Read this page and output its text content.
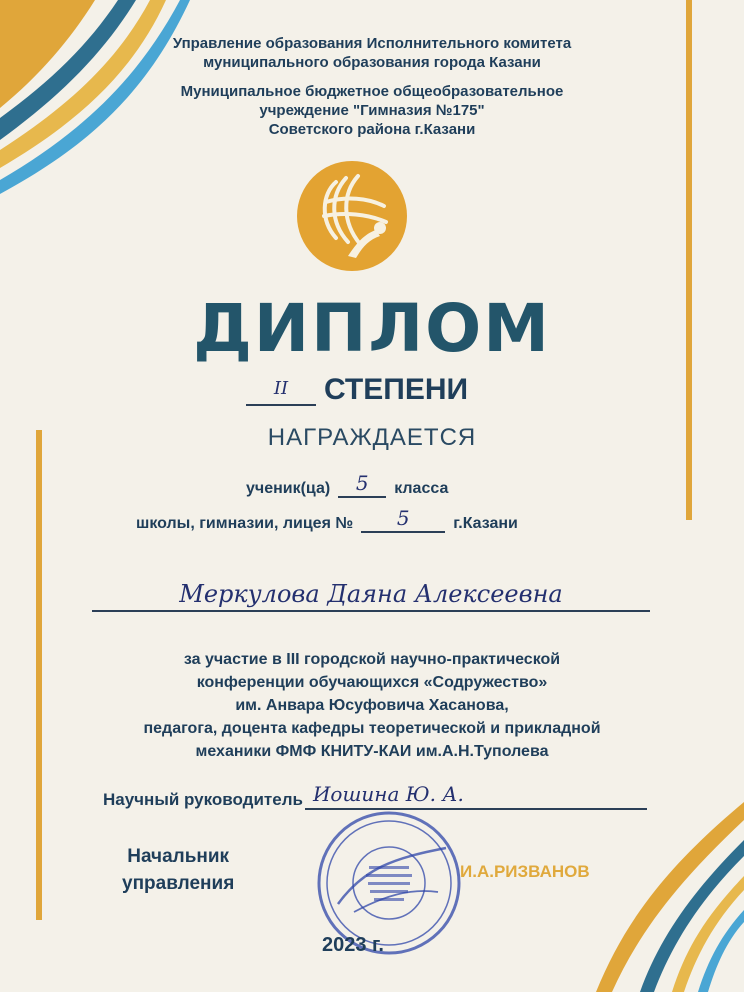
Управление образования Исполнительного комитета
муниципального образования города Казани
Муниципальное бюджетное общеобразовательное
учреждение "Гимназия №175"
Советского района г.Казани
ДИПЛОМ
II	СТЕПЕНИ
НАГРАЖДАЕТСЯ
ученик(ца)	5	класса
школы, гимназии, лицея №	5	г.Казани
Меркулова Даяна Алексеевна
за участие в III городской научно-практической
конференции обучающихся «Содружество»
им. Анвара Юсуфовича Хасанова,
педагога, доцента кафедры теоретической и прикладной
механики ФМФ КНИТУ-КАИ им.А.Н.Туполева
Научный руководитель Иошина Ю. А.
Начальник
управления
И.А.РИЗВАНОВ
2023 г.
